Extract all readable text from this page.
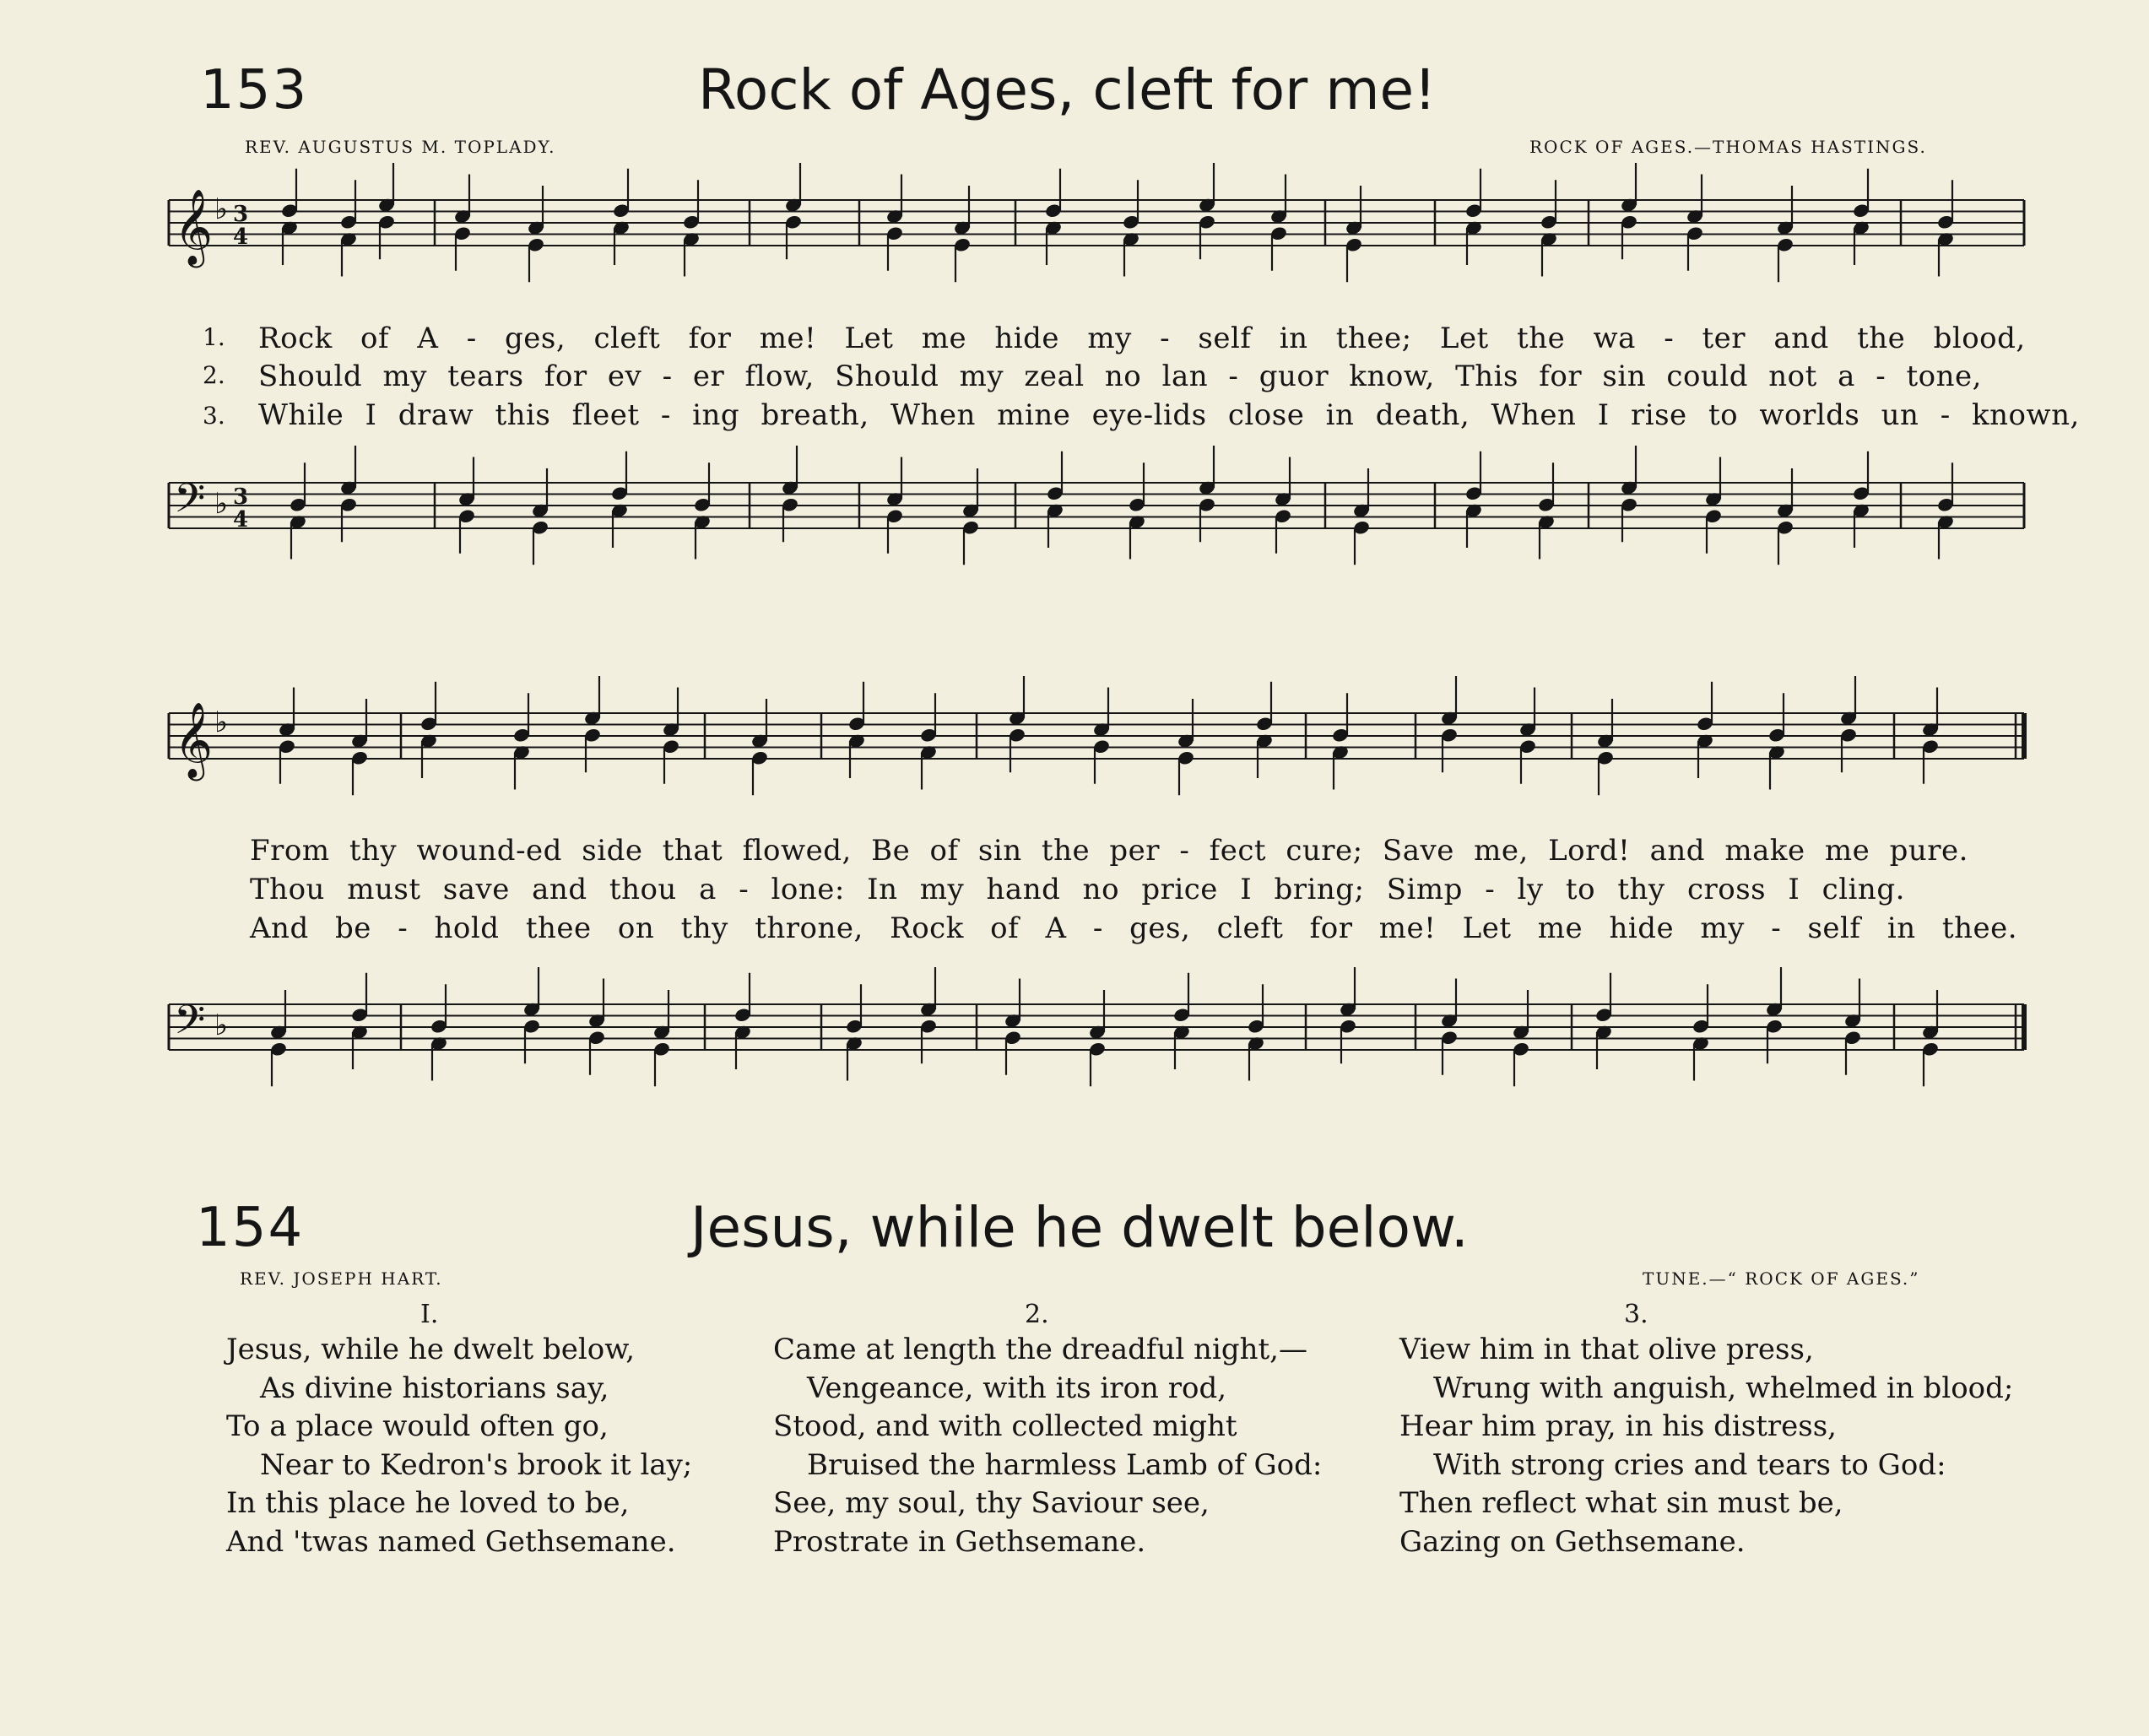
153	Rock of Ages, cleft for me!
REV. AUGUSTUS M. TOPLADY.	ROCK OF AGES.—THOMAS HASTINGS.
𝄞 ♭ 3
4
𝄢 ♭ 3
4
𝄞 ♭
𝄢 ♭
1.
2.
3.
Rock of A - ges, cleft for me! Let me hide my - self in thee; Let the wa - ter and the blood,
Should my tears for ev - er flow, Should my zeal no lan - guor know, This for sin could not a - tone,
While I draw this fleet - ing breath, When mine eye-lids close in death, When I rise to worlds un - known,
From thy wound-ed side that flowed, Be of sin the per - fect cure; Save me, Lord! and make me pure.
Thou must save and thou a - lone: In my hand no price I bring; Simp - ly to thy cross I cling.
And be - hold thee on thy throne, Rock of A - ges, cleft for me! Let me hide my - self in thee.
154	Jesus, while he dwelt below.
REV. JOSEPH HART.	TUNE.—“ ROCK OF AGES.”
I.	2.	3.
Jesus, while he dwelt below,
As divine historians say,
To a place would often go,
Near to Kedron's brook it lay;
In this place he loved to be,
And 'twas named Gethsemane.
Came at length the dreadful night,—
Vengeance, with its iron rod,
Stood, and with collected might
Bruised the harmless Lamb of God:
See, my soul, thy Saviour see,
Prostrate in Gethsemane.
View him in that olive press,
Wrung with anguish, whelmed in blood;
Hear him pray, in his distress,
With strong cries and tears to God:
Then reflect what sin must be,
Gazing on Gethsemane.
